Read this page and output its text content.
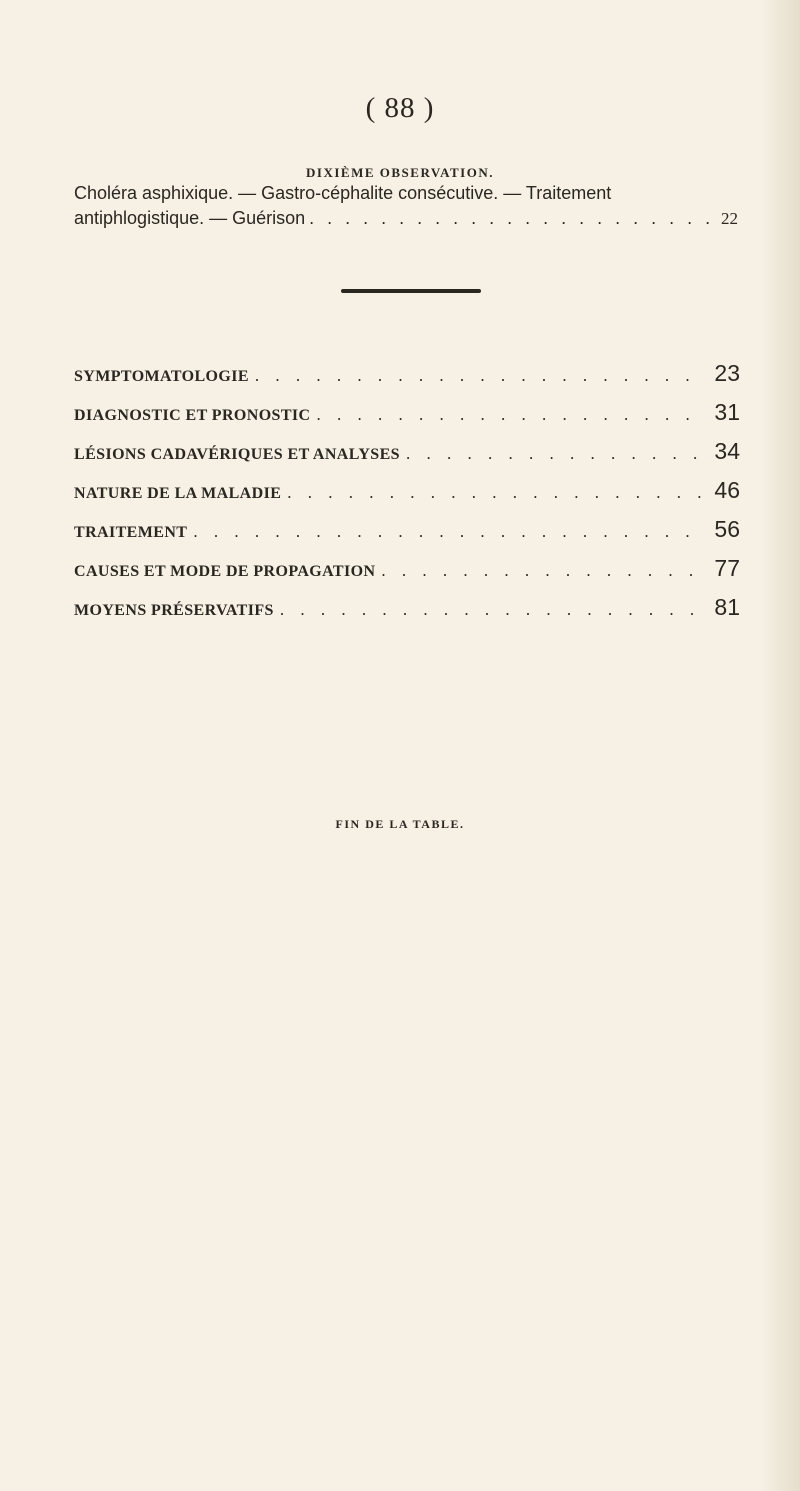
( 88 )
DIXIÈME OBSERVATION.
Choléra asphixique. — Gastro-céphalite consécutive. — Traitement
antiphlogistique. — Guérison . . .	22
SYMPTOMATOLOGIE . . .	23
DIAGNOSTIC ET PRONOSTIC . . .	31
LÉSIONS CADAVÉRIQUES ET ANALYSES . . .	34
NATURE DE LA MALADIE . . .	46
TRAITEMENT . . .	56
CAUSES ET MODE DE PROPAGATION . . .	77
MOYENS PRÉSERVATIFS . . .	81
FIN DE LA TABLE.
